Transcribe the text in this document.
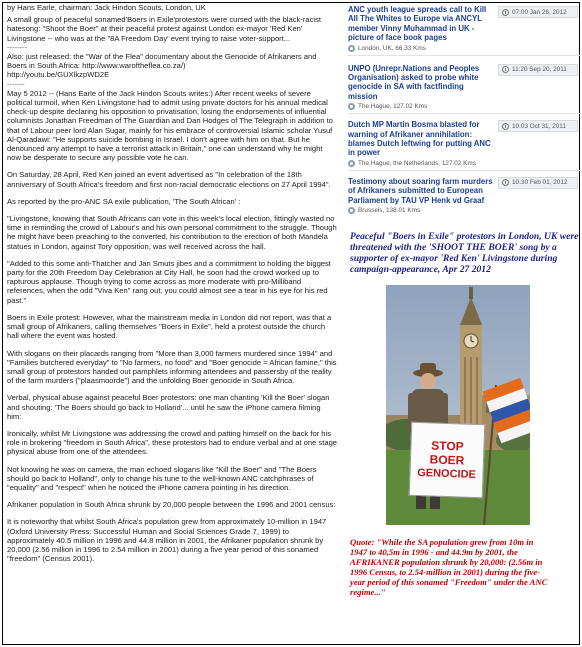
by Hans Earle, chairman: Jack Hindon Scouts, London, UK

A small group of peaceful sonamed'Boers in Exile'protestors were cursed with the black-racist hatesong: "Shoot the Boer" at their peaceful protest against London ex-mayor 'Red Ken' Livingstone -- who was at the "8A Freedom Day' event trying to raise voter-support...

--------

Also: just released: the "War of the Flea" documentary about the Genocide of Afrikaners and Boers in South Africa: http://www.waroftheflea.co.za/)

http://youtu.be/GUXlkzpWD2E

-------

May 5 2012 -- (Hans Earle of the Jack Hindon Scouts writes:) After recent weeks of severe political turmoil, when Ken Livingstone had to admit using private doctors for his annual medical check-up despite declaring his opposition to privatisation, losing the endorsements of influential columnists Jonathan Freedman of The Guardian and Dan Hodges of The Telegraph in addition to that of Labour peer lord Alan Sugar, mainly for his embrace of controversial Islamic scholar Yusuf Al-Qaradawi: "He supports suicide bombing in Israel. I don't agree with him on that. But he denounced any attempt to have a terrorist attack in Britain," one can understand why he might now be desperate to secure any possible vote he can.

On Saturday, 28 April, Red Ken joined an event advertised as "In celebration of the 18th anniversary of South Africa's freedom and first non-racial democratic elections on 27 April 1994".

As reported by the pro-ANC SA exile publication, 'The South African' :

"Livingstone, knowing that South Africans can vote in this week's local election, fittingly wasted no time in reminding the crowd of Labour's and his own personal commitment to the struggle. Though he might have been preaching to the converted, his contribution to the erection of both Mandela statues in London, against Tory opposition, was well received across the hall.

"Added to this some anti-Thatcher and Jan Smuts jibes and a commitment to holding the biggest party for the 20th Freedom Day Celebration at City Hall, he soon had the crowd worked up to rapturous applause. Though trying to come across as more moderate with pro-Milliband references, when the odd "Viva Ken" rang out, you could almost see a tear in his eye for his red past."

Boers in Exile protest: However, what the mainstream media in London did not report, was that a small group of Afrikaners, calling themselves "Boers in Exile", held a protest outside the church hall where the event was hosted.

With slogans on their placards ranging from "More than 3,000 farmers murdered since 1994" and "Families butchered everyday" to "No farmers, no food" and "Boer genocide = African famine," this small group of protestors handed out pamphlets informing attendees and passersby of the reality of the farm murders ("plaasmoorde") and the unfolding Boer genocide in South Africa.

Verbal, physical abuse against peaceful Boer protestors: one man chanting 'Kill the Boer' slogan and shouting: 'The Boers should go back to Holland'... until he saw the iPhone camera filming him:

Ironically, whilst Mr Livingstone was addressing the crowd and patting himself on the back for his role in brokering "freedom in South Africa", these protestors had to endure verbal and at one stage physical abuse from one of the attendees.

Not knowing he was on camera, the man echoed slogans like "Kill the Boer" and "The Boers should go back to Holland", only to change his tune to the well-known ANC catchphrases of "equality" and "respect" when he noticed the iPhone camera pointing in his direction.

Afrikaner population in South Africa shrunk by 20,000 people between the 1996 and 2001 census:

It is noteworthy that whilst South Africa's population grew from approximately 10-million in 1947 (Oxford University Press: Successful Human and Social Sciences Grade 7, 1999) to approximately 40.5 million in 1996 and 44.8 million in 2001, the Afrikaner population shrunk by 20,000 (2.56 million in 1996 to 2.54 million in 2001) during a five year period of this sonamed "freedom" (Census 2001).

07:00 Jan 26, 2012
ANC youth league spreads call to Kill All The Whites to Europe via ANCYL member Vinny Muhammad in UK - picture of face book pages
London, UK, 66.33 Kms
11:20 Sep 20, 2011
UNPO (Unrepr.Nations and Peoples Organisation) asked to probe white genocide in SA with factfinding mission
The Hague, 127.02 Kms
10:03 Oct 31, 2011
Dutch MP Martin Bosma blasted for warning of Afrikaner annihilation: blames Dutch leftwing for putting ANC in power
The Hague, the Netherlands, 127.02 Kms
10:30 Feb 01, 2012
Testimony about soaring farm murders of Afrikaners submitted to European Parliament by TAU VP Henk vd Graaf
Brussels, 138.01 Kms
Peaceful "Boers in Exile" protestors in London, UK were threatened with the 'SHOOT THE BOER' song by a supporter of ex-mayor 'Red Ken' Livingstone during campaign-appearance, Apr 27 2012
STOP
BOER
GENOCIDE
Quote: "While the SA population grew from 10m in 1947 to 40,5m in 1996 - and 44.9m by 2001, the AFRIKANER population shrunk by 20,000: (2.56m in 1996 Census, to 2.54-million in 2001) during the five-year period of this sonamed "Freedom" under the ANC regime..."
